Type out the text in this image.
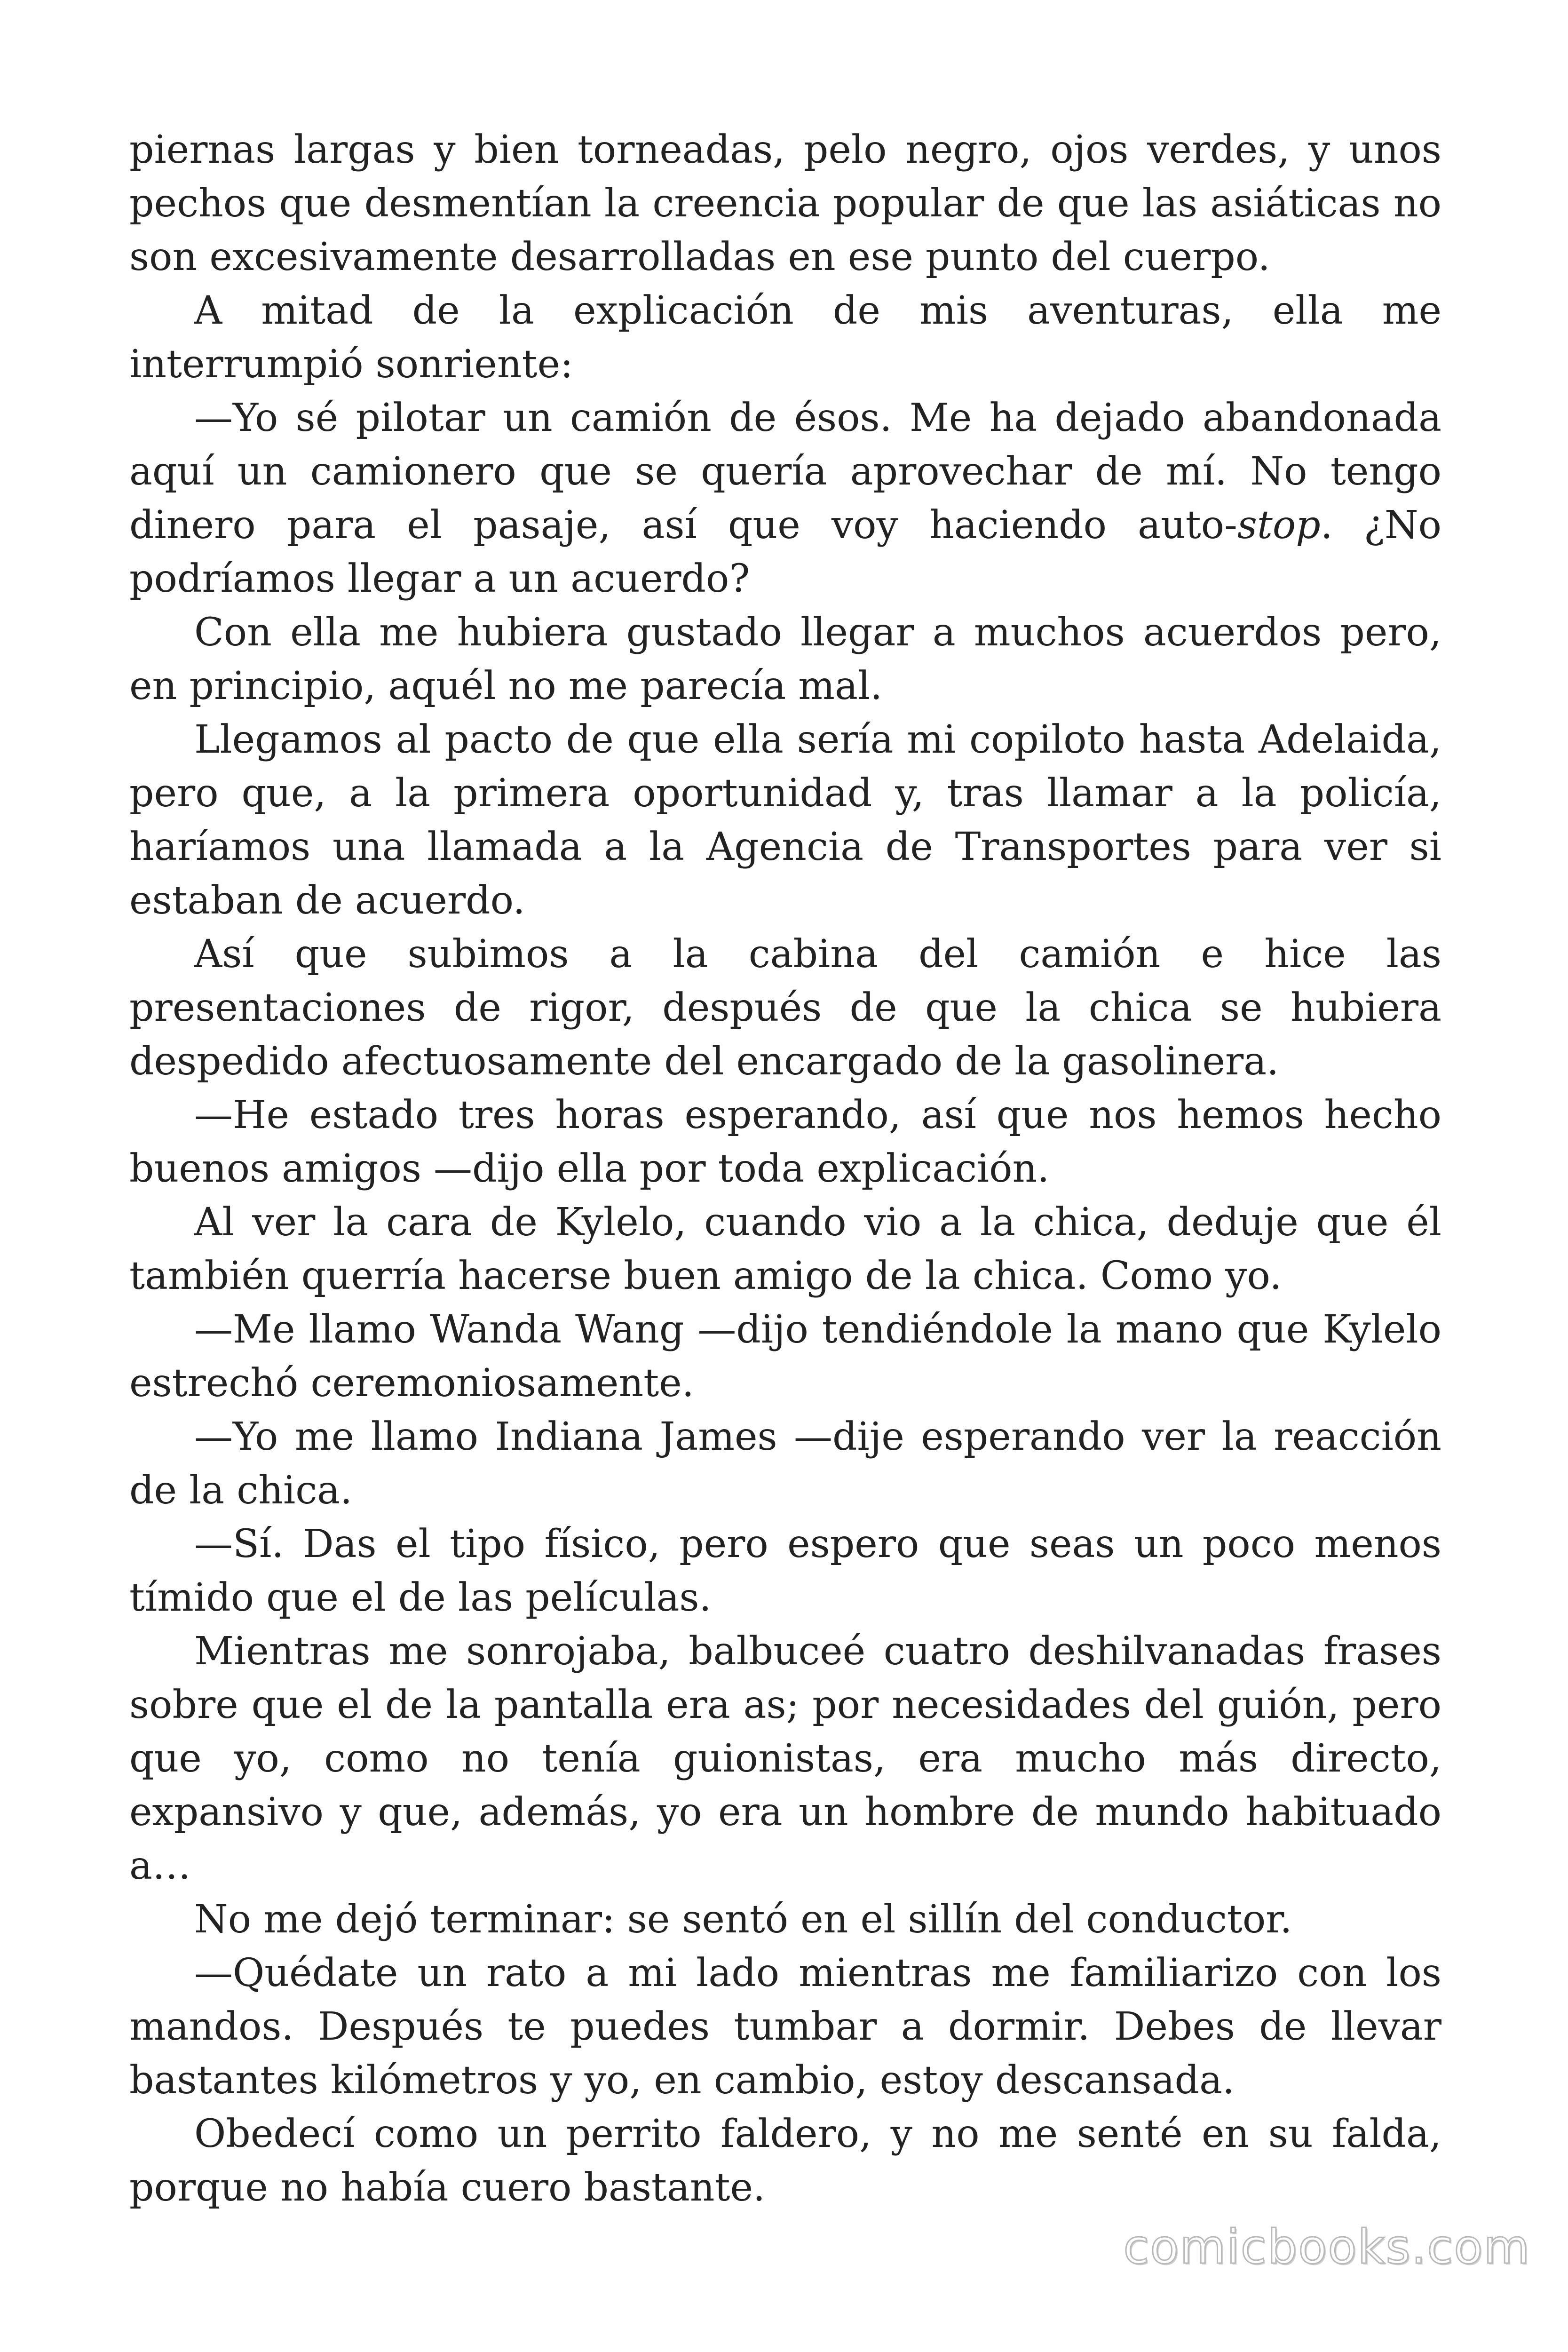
piernas largas y bien torneadas, pelo negro, ojos verdes, y unos pechos que desmentían la creencia popular de que las asiáticas no son excesivamente desarrolladas en ese punto del cuerpo.

A mitad de la explicación de mis aventuras, ella me interrumpió sonriente:

—Yo sé pilotar un camión de ésos. Me ha dejado abandonada aquí un camionero que se quería aprovechar de mí. No tengo dinero para el pasaje, así que voy haciendo auto-stop. ¿No podríamos llegar a un acuerdo?

Con ella me hubiera gustado llegar a muchos acuerdos pero, en principio, aquél no me parecía mal.

Llegamos al pacto de que ella sería mi copiloto hasta Adelaida, pero que, a la primera oportunidad y, tras llamar a la policía, haríamos una llamada a la Agencia de Transportes para ver si estaban de acuerdo.

Así que subimos a la cabina del camión e hice las presentaciones de rigor, después de que la chica se hubiera despedido afectuosamente del encargado de la gasolinera.

—He estado tres horas esperando, así que nos hemos hecho buenos amigos —dijo ella por toda explicación.

Al ver la cara de Kylelo, cuando vio a la chica, deduje que él también querría hacerse buen amigo de la chica. Como yo.

—Me llamo Wanda Wang —dijo tendiéndole la mano que Kylelo estrechó ceremoniosamente.

—Yo me llamo Indiana James —dije esperando ver la reacción de la chica.

—Sí. Das el tipo físico, pero espero que seas un poco menos tímido que el de las películas.

Mientras me sonrojaba, balbuceé cuatro deshilvanadas frases sobre que el de la pantalla era as; por necesidades del guión, pero que yo, como no tenía guionistas, era mucho más directo, expansivo y que, además, yo era un hombre de mundo habituado a…

No me dejó terminar: se sentó en el sillín del conductor.

—Quédate un rato a mi lado mientras me familiarizo con los mandos. Después te puedes tumbar a dormir. Debes de llevar bastantes kilómetros y yo, en cambio, estoy descansada.

Obedecí como un perrito faldero, y no me senté en su falda, porque no había cuero bastante.

comicbooks.com
